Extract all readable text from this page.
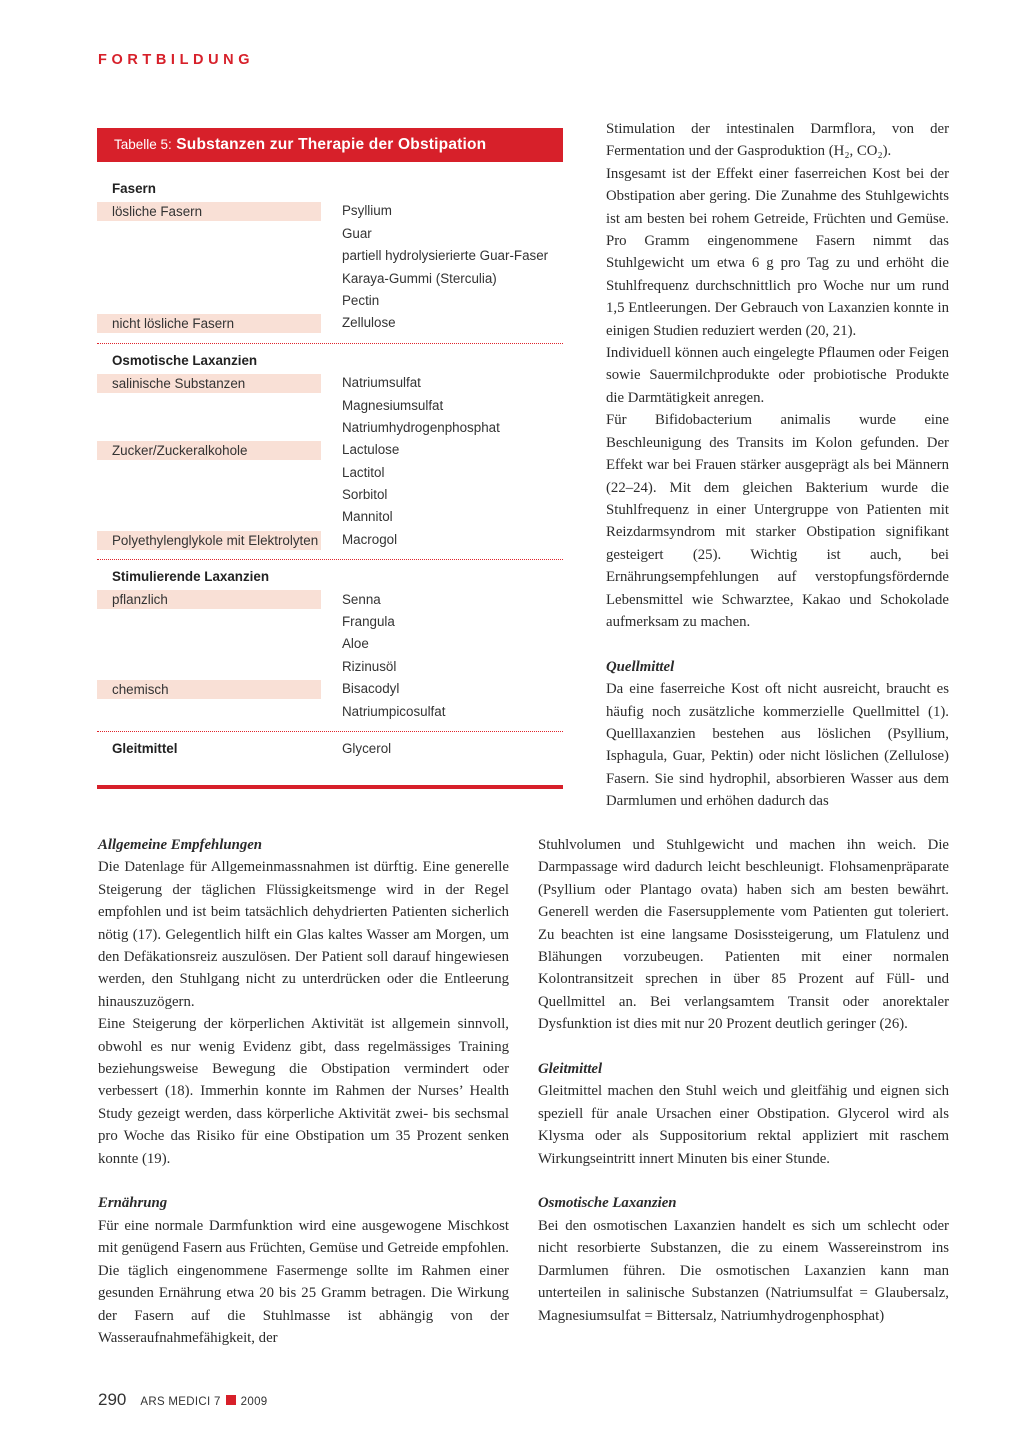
FORTBILDUNG
Tabelle 5: Substanzen zur Therapie der Obstipation
Fasern
lösliche Fasern	Psyllium
Guar
partiell hydrolysierierte Guar-Faser
Karaya-Gummi (Sterculia)
Pectin
nicht lösliche Fasern	Zellulose
Osmotische Laxanzien
salinische Substanzen	Natriumsulfat
Magnesiumsulfat
Natriumhydrogenphosphat
Zucker/Zuckeralkohole	Lactulose
Lactitol
Sorbitol
Mannitol
Polyethylenglykole mit Elektrolyten Macrogol
Stimulierende Laxanzien
pflanzlich	Senna
Frangula
Aloe
Rizinusöl
chemisch	Bisacodyl
Natriumpicosulfat
Gleitmittel	Glycerol

Stimulation der intestinalen Darmflora, von der Fermentation und der Gasproduktion (H₂, CO₂).

Insgesamt ist der Effekt einer faserreichen Kost bei der Obstipation aber gering. Die Zunahme des Stuhlgewichts ist am besten bei rohem Getreide, Früchten und Gemüse. Pro Gramm eingenommene Fasern nimmt das Stuhlgewicht um etwa 6 g pro Tag zu und erhöht die Stuhlfrequenz durchschnittlich pro Woche nur um rund 1,5 Entleerungen. Der Gebrauch von Laxanzien konnte in einigen Studien reduziert werden (20, 21).

Individuell können auch eingelegte Pflaumen oder Feigen sowie Sauermilchprodukte oder probiotische Produkte die Darmtätigkeit anregen.

Für Bifidobacterium animalis wurde eine Beschleunigung des Transits im Kolon gefunden. Der Effekt war bei Frauen stärker ausgeprägt als bei Männern (22–24). Mit dem gleichen Bakterium wurde die Stuhlfrequenz in einer Untergruppe von Patienten mit Reizdarmsyndrom mit starker Obstipation signifikant gesteigert (25). Wichtig ist auch, bei Ernährungsempfehlungen auf verstopfungsfördernde Lebensmittel wie Schwarztee, Kakao und Schokolade aufmerksam zu machen.

Quellmittel

Da eine faserreiche Kost oft nicht ausreicht, braucht es häufig noch zusätzliche kommerzielle Quellmittel (1). Quelllaxanzien bestehen aus löslichen (Psyllium, Isphagula, Guar, Pektin) oder nicht löslichen (Zellulose) Fasern. Sie sind hydrophil, absorbieren Wasser aus dem Darmlumen und erhöhen dadurch das

Stuhlvolumen und Stuhlgewicht und machen ihn weich. Die Darmpassage wird dadurch leicht beschleunigt. Flohsamenpräparate (Psyllium oder Plantago ovata) haben sich am besten bewährt. Generell werden die Fasersupplemente vom Patienten gut toleriert. Zu beachten ist eine langsame Dosissteigerung, um Flatulenz und Blähungen vorzubeugen. Patienten mit einer normalen Kolontransitzeit sprechen in über 85 Prozent auf Füll- und Quellmittel an. Bei verlangsamtem Transit oder anorektaler Dysfunktion ist dies mit nur 20 Prozent deutlich geringer (26).

Gleitmittel

Gleitmittel machen den Stuhl weich und gleitfähig und eignen sich speziell für anale Ursachen einer Obstipation. Glycerol wird als Klysma oder als Suppositorium rektal appliziert mit raschem Wirkungseintritt innert Minuten bis einer Stunde.

Osmotische Laxanzien

Bei den osmotischen Laxanzien handelt es sich um schlecht oder nicht resorbierte Substanzen, die zu einem Wassereinstrom ins Darmlumen führen. Die osmotischen Laxanzien kann man unterteilen in salinische Substanzen (Natriumsulfat = Glaubersalz, Magnesiumsulfat = Bittersalz, Natriumhydrogenphosphat)

Allgemeine Empfehlungen

Die Datenlage für Allgemeinmassnahmen ist dürftig. Eine generelle Steigerung der täglichen Flüssigkeitsmenge wird in der Regel empfohlen und ist beim tatsächlich dehydrierten Patienten sicherlich nötig (17). Gelegentlich hilft ein Glas kaltes Wasser am Morgen, um den Defäkationsreiz auszulösen. Der Patient soll darauf hingewiesen werden, den Stuhlgang nicht zu unterdrücken oder die Entleerung hinauszuzögern.

Eine Steigerung der körperlichen Aktivität ist allgemein sinnvoll, obwohl es nur wenig Evidenz gibt, dass regelmässiges Training beziehungsweise Bewegung die Obstipation vermindert oder verbessert (18). Immerhin konnte im Rahmen der Nurses’ Health Study gezeigt werden, dass körperliche Aktivität zwei- bis sechsmal pro Woche das Risiko für eine Obstipation um 35 Prozent senken konnte (19).

Ernährung

Für eine normale Darmfunktion wird eine ausgewogene Mischkost mit genügend Fasern aus Früchten, Gemüse und Getreide empfohlen. Die täglich eingenommene Fasermenge sollte im Rahmen einer gesunden Ernährung etwa 20 bis 25 Gramm betragen. Die Wirkung der Fasern auf die Stuhlmasse ist abhängig von der Wasseraufnahmefähigkeit, der

290 ARS MEDICI 7 2009
